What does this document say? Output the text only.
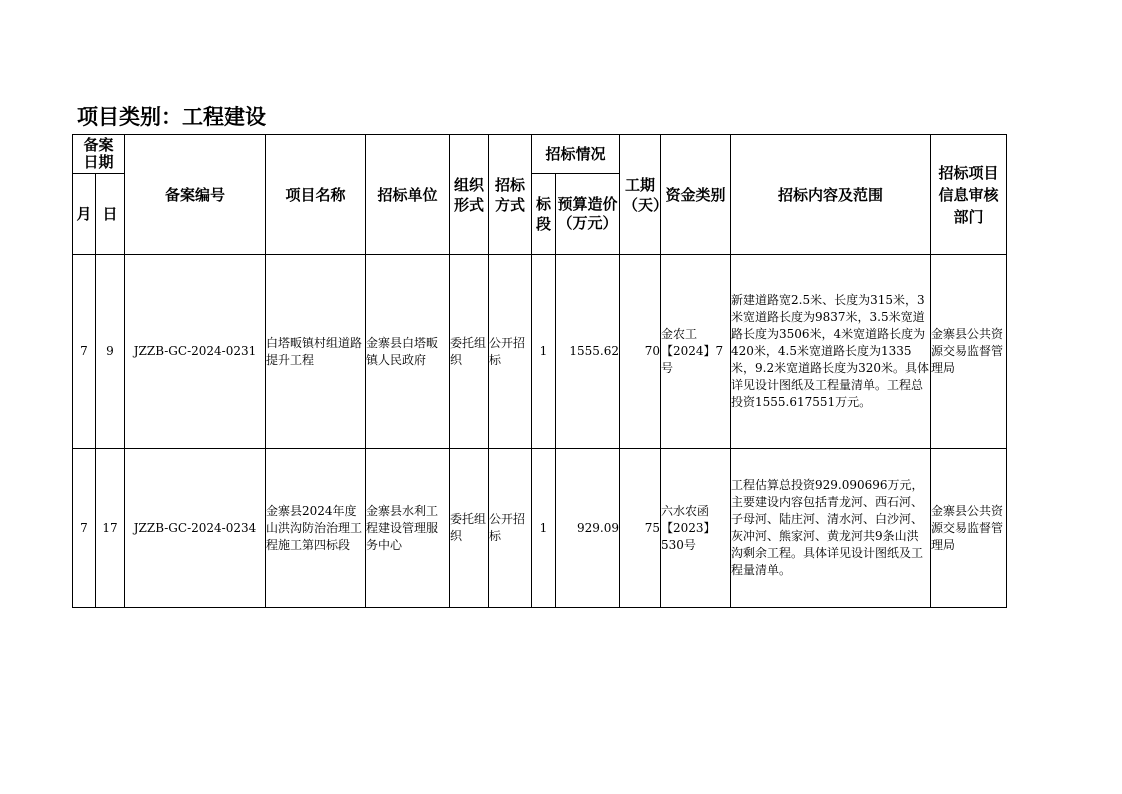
项目类别：工程建设
备案日期		备案编号	项目名称	招标单位	组织形式	招标方式	招标情况		工期（天）	资金类别	招标内容及范围	招标项目信息审核部门

月	日						标段	预算造价 （万元）				

7	9	JZZB-GC-2024-0231	白塔畈镇村组道路提升工程	金寨县白塔畈镇人民政府	委托组织	公开招标	1	1555.62	70	金农工【2024】7号	新建道路宽2.5米、长度为315米，3米宽道路长度为9837米，3.5米宽道路长度为3506米，4米宽道路长度为420米，4.5米宽道路长度为1335米，9.2米宽道路长度为320米。具体详见设计图纸及工程量清单。工程总投资1555.617551万元。	金寨县公共资源交易监督管理局
7	17	JZZB-GC-2024-0234	金寨县2024年度山洪沟防治治理工程施工第四标段	金寨县水利工程建设管理服务中心	委托组织	公开招标	1	929.09	75	六水农函【2023】530号	工程估算总投资929.090696万元，主要建设内容包括青龙河、西石河、子母河、陆庄河、清水河、白沙河、灰冲河、熊家河、黄龙河共9条山洪沟剩余工程。具体详见设计图纸及工程量清单。	金寨县公共资源交易监督管理局
